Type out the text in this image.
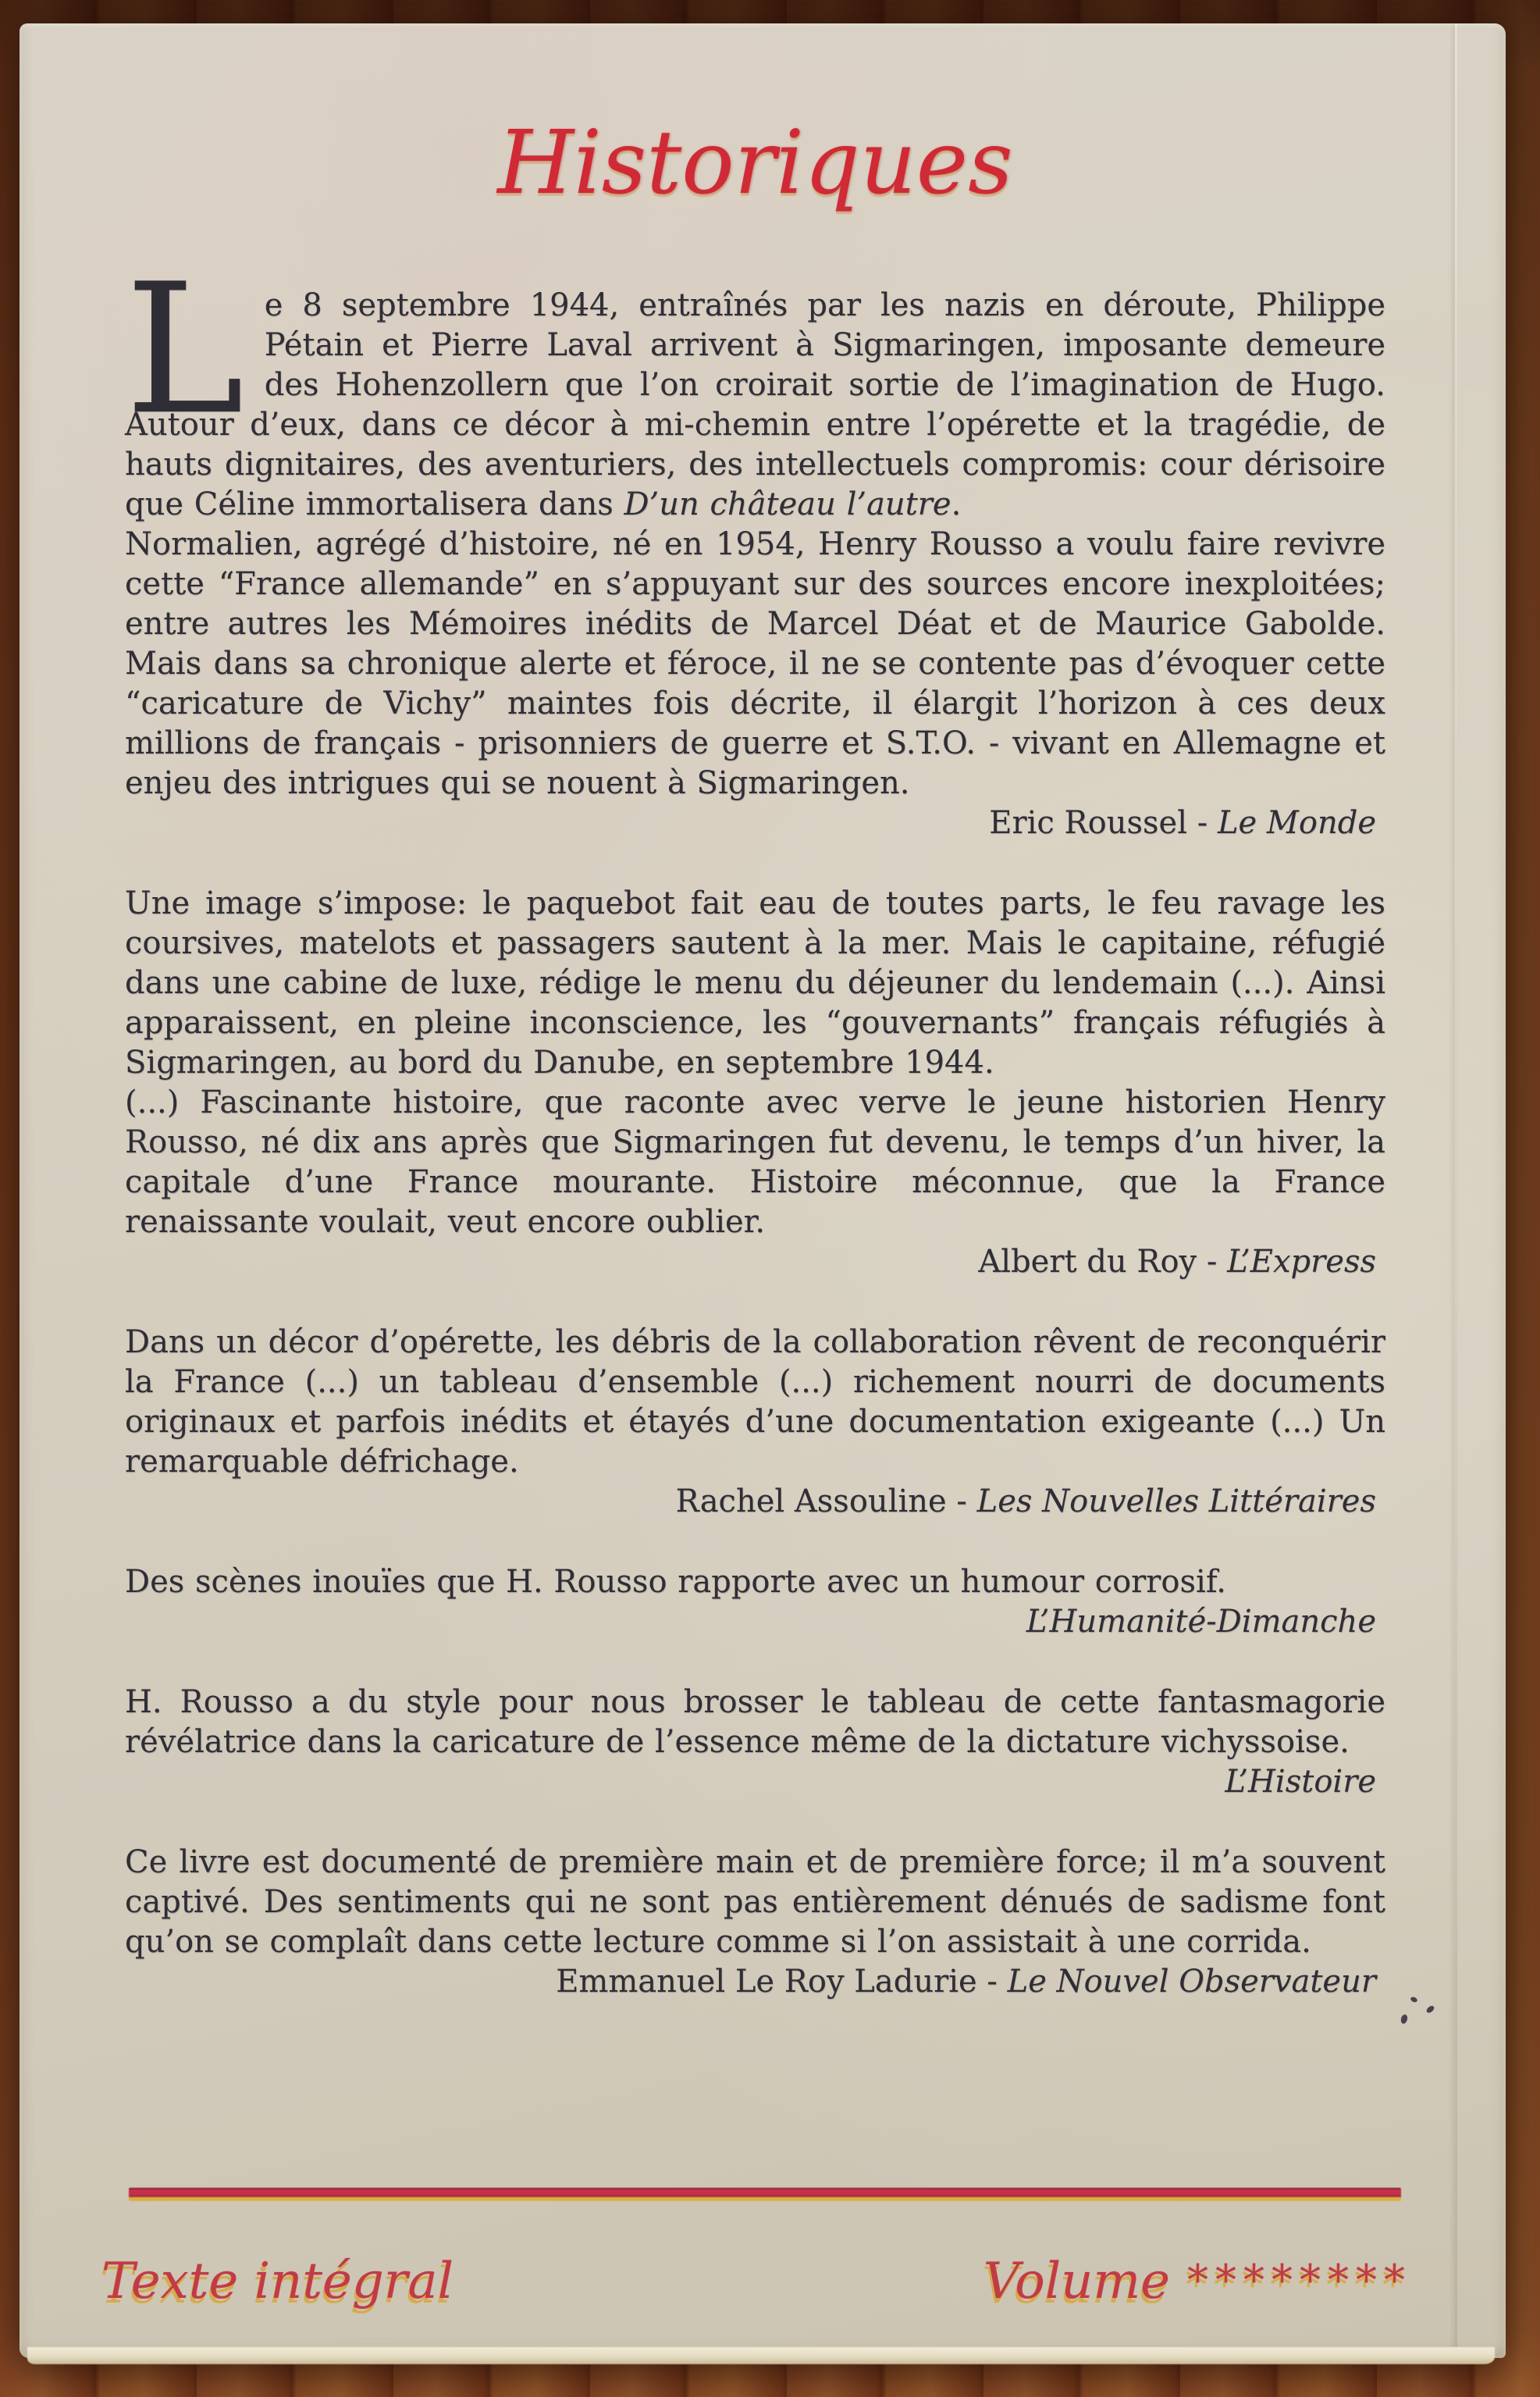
Historiques

Le 8 septembre 1944, entraînés par les nazis en déroute, Philippe Pétain et Pierre Laval arrivent à Sigmaringen, imposante demeure des Hohenzollern que l’on croirait sortie de l’imagination de Hugo. Autour d’eux, dans ce décor à mi-chemin entre l’opérette et la tragédie, de hauts dignitaires, des aventuriers, des intellectuels compromis: cour dérisoire que Céline immortalisera dans D’un château l’autre.

Normalien, agrégé d’histoire, né en 1954, Henry Rousso a voulu faire revivre cette “France allemande” en s’appuyant sur des sources encore inexploitées; entre autres les Mémoires inédits de Marcel Déat et de Maurice Gabolde. Mais dans sa chronique alerte et féroce, il ne se contente pas d’évoquer cette “caricature de Vichy” maintes fois décrite, il élargit l’horizon à ces deux millions de français - prisonniers de guerre et S.T.O. - vivant en Allemagne et enjeu des intrigues qui se nouent à Sigmaringen.

Eric Roussel - Le Monde

Une image s’impose: le paquebot fait eau de toutes parts, le feu ravage les coursives, matelots et passagers sautent à la mer. Mais le capitaine, réfugié dans une cabine de luxe, rédige le menu du déjeuner du lendemain (...). Ainsi apparaissent, en pleine inconscience, les “gouvernants” français réfugiés à Sigmaringen, au bord du Danube, en septembre 1944.

(...) Fascinante histoire, que raconte avec verve le jeune historien Henry Rousso, né dix ans après que Sigmaringen fut devenu, le temps d’un hiver, la capitale d’une France mourante. Histoire méconnue, que la France renaissante voulait, veut encore oublier.

Albert du Roy - L’Express

Dans un décor d’opérette, les débris de la collaboration rêvent de reconquérir la France (...) un tableau d’ensemble (...) richement nourri de documents originaux et parfois inédits et étayés d’une documentation exigeante (...) Un remarquable défrichage.

Rachel Assouline - Les Nouvelles Littéraires

Des scènes inouïes que H. Rousso rapporte avec un humour corrosif.

L’Humanité-Dimanche

H. Rousso a du style pour nous brosser le tableau de cette fantasmagorie révélatrice dans la caricature de l’essence même de la dictature vichyssoise.

L’Histoire

Ce livre est documenté de première main et de première force; il m’a souvent captivé. Des sentiments qui ne sont pas entièrement dénués de sadisme font qu’on se complaît dans cette lecture comme si l’on assistait à une corrida.

Emmanuel Le Roy Ladurie - Le Nouvel Observateur
Texte intégral	Volume ********
